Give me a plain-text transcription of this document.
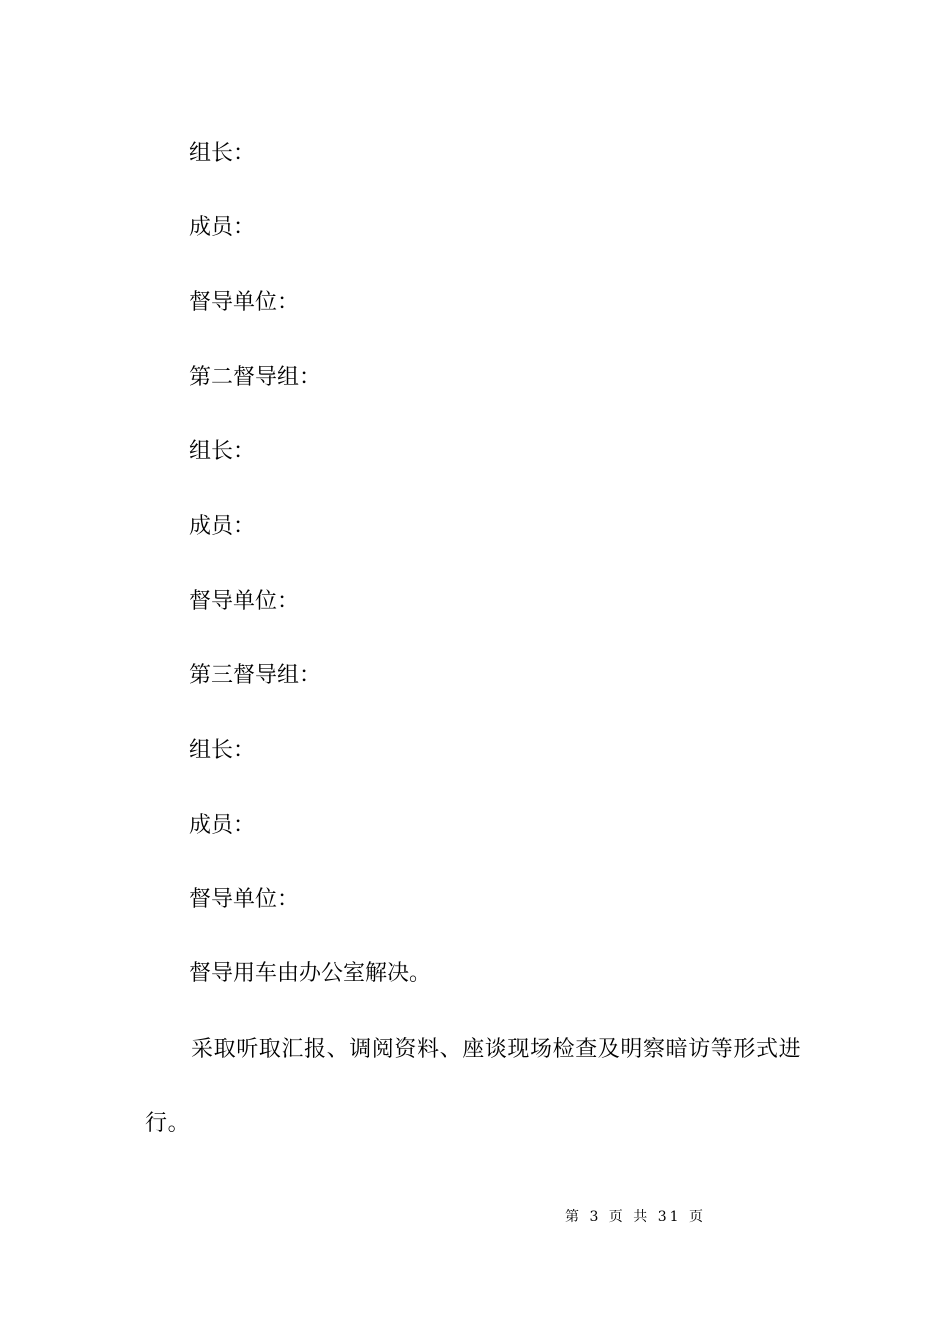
组长：
成员：
督导单位：
第二督导组：
组长：
成员：
督导单位：
第三督导组：
组长：
成员：
督导单位：
督导用车由办公室解决。
采取听取汇报、调阅资料、座谈现场检查及明察暗访等形式进行。
第 3 页 共 31 页
